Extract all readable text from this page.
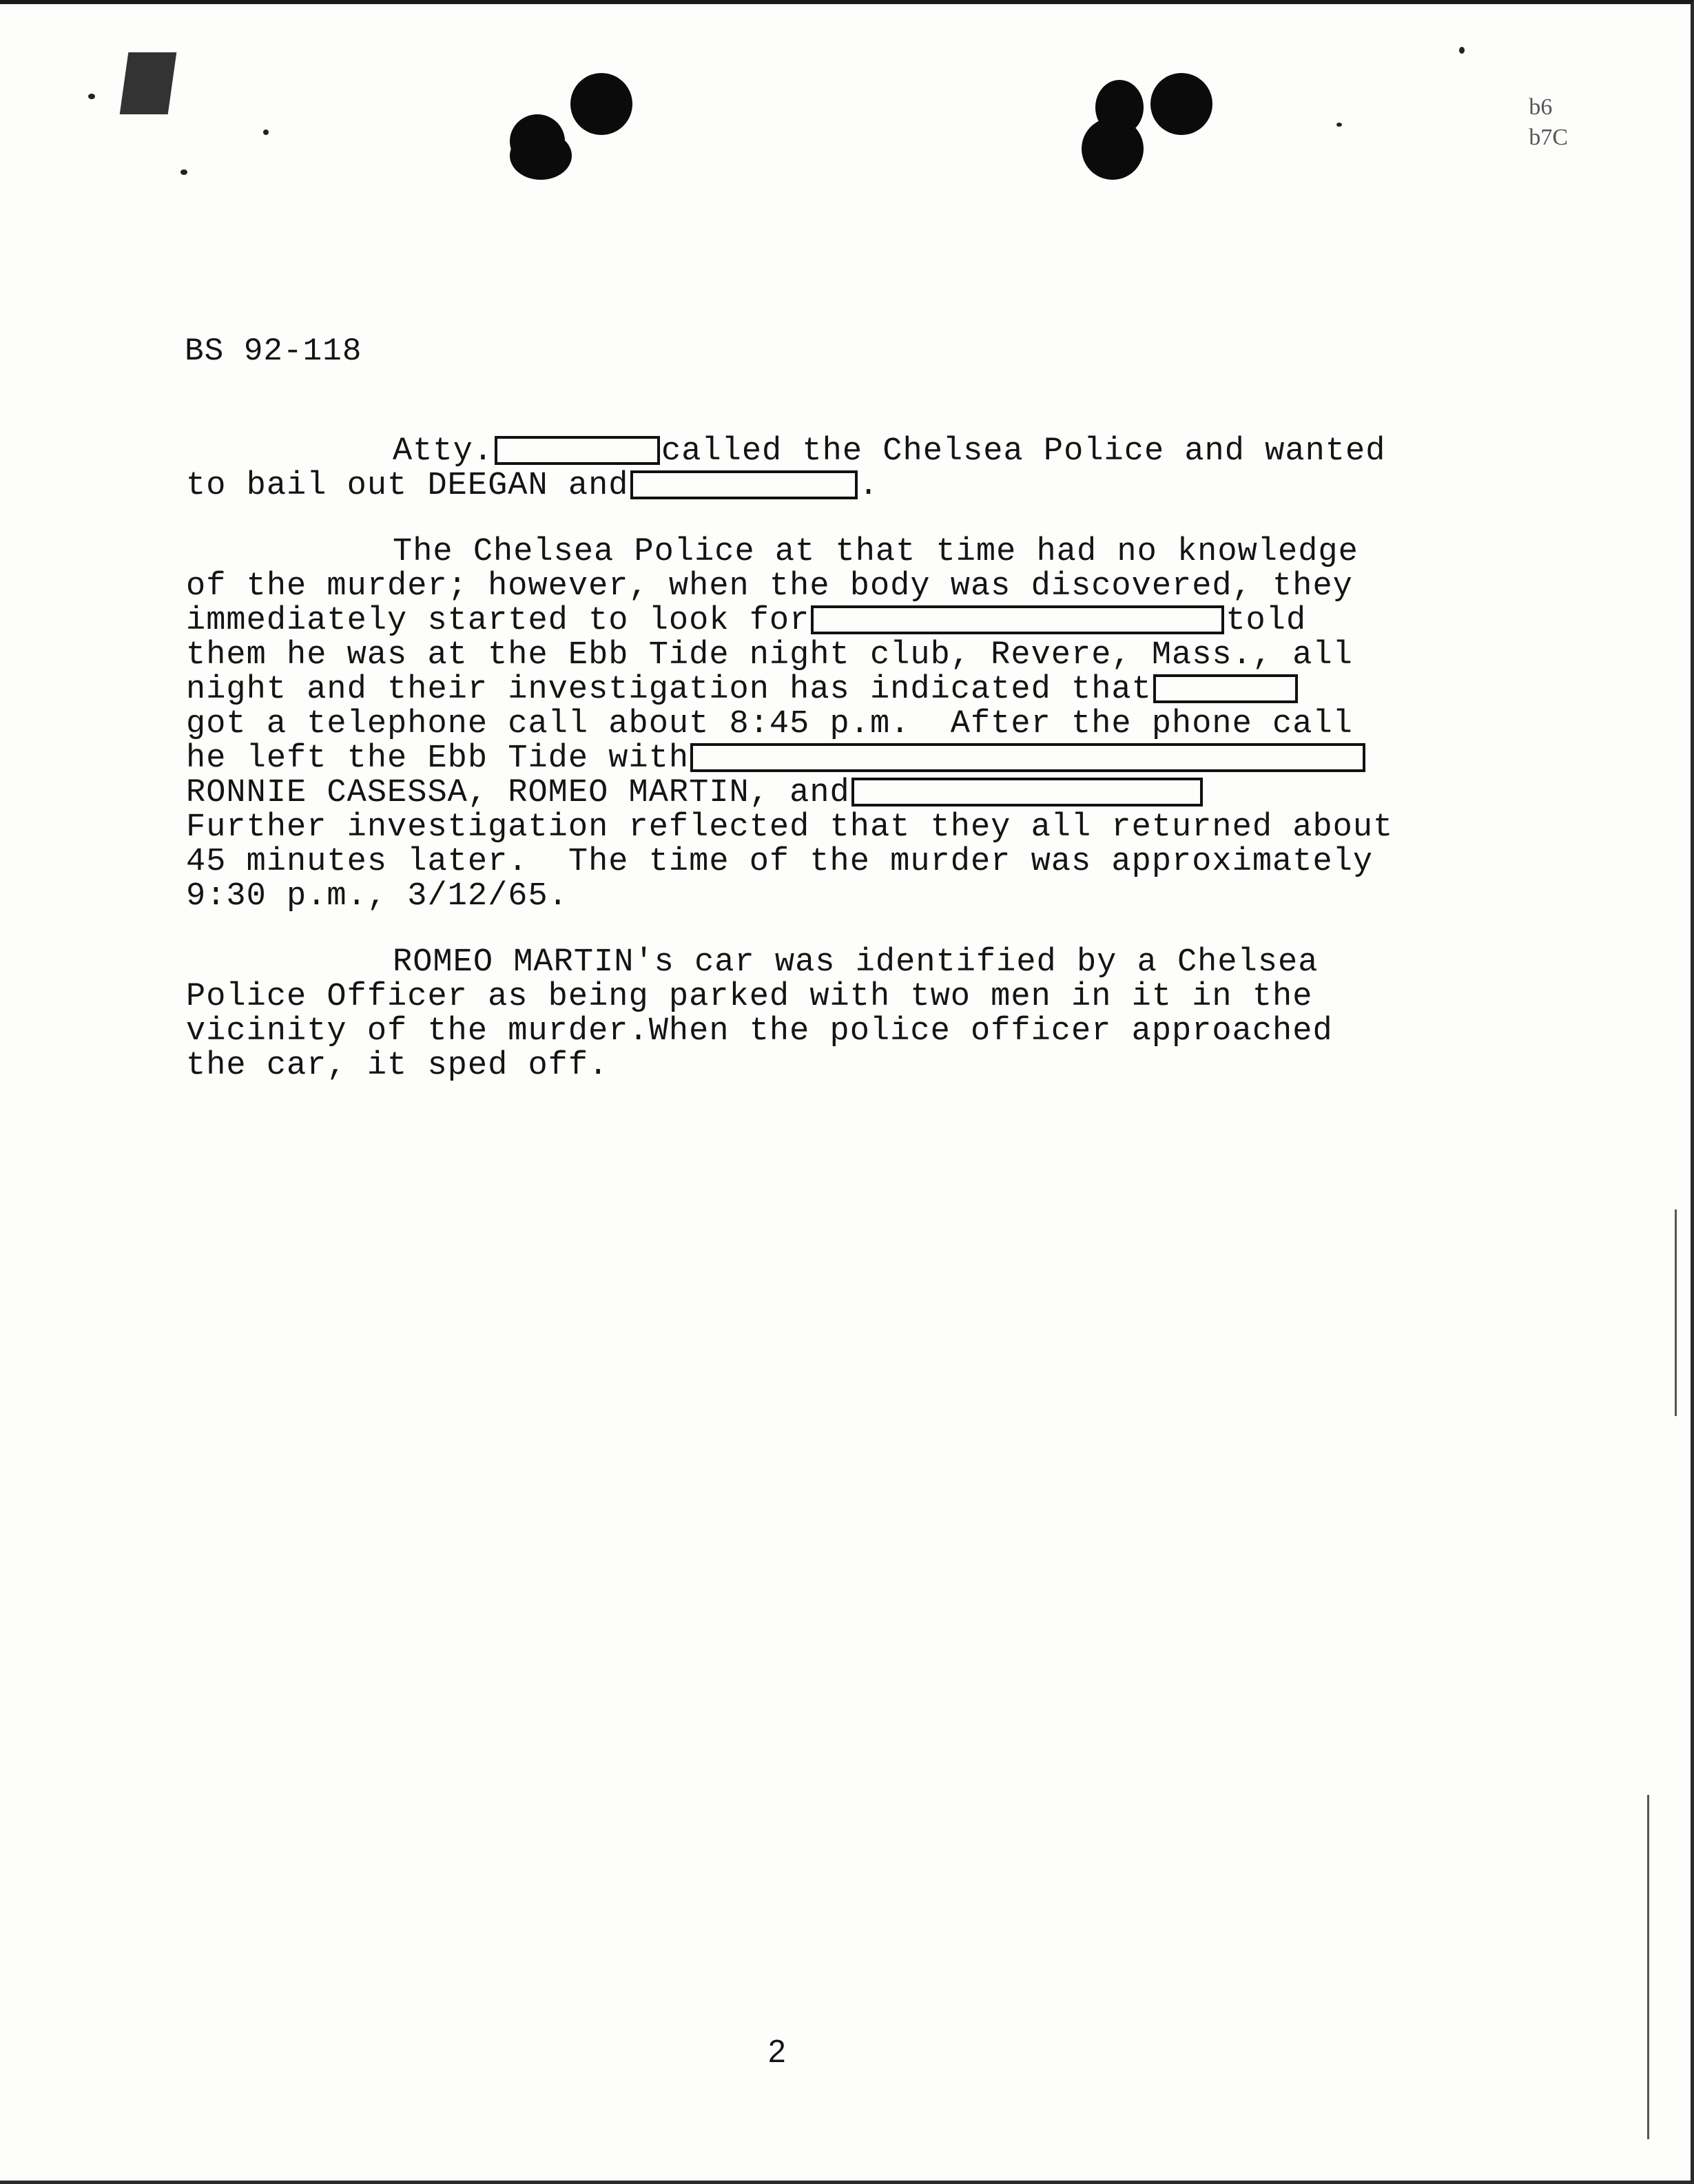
b6
b7C
BS 92-118
Atty.	called the Chelsea Police and wanted
to bail out DEEGAN and	.
The Chelsea Police at that time had no knowledge
of the murder; however, when the body was discovered, they
immediately started to look for	told
them he was at the Ebb Tide night club, Revere, Mass., all
night and their investigation has indicated that
got a telephone call about 8:45 p.m.  After the phone call
he left the Ebb Tide with
RONNIE CASESSA, ROMEO MARTIN, and
Further investigation reflected that they all returned about
45 minutes later.  The time of the murder was approximately
9:30 p.m., 3/12/65.
ROMEO MARTIN's car was identified by a Chelsea
Police Officer as being parked with two men in it in the
vicinity of the murder.When the police officer approached
the car, it sped off.
2
